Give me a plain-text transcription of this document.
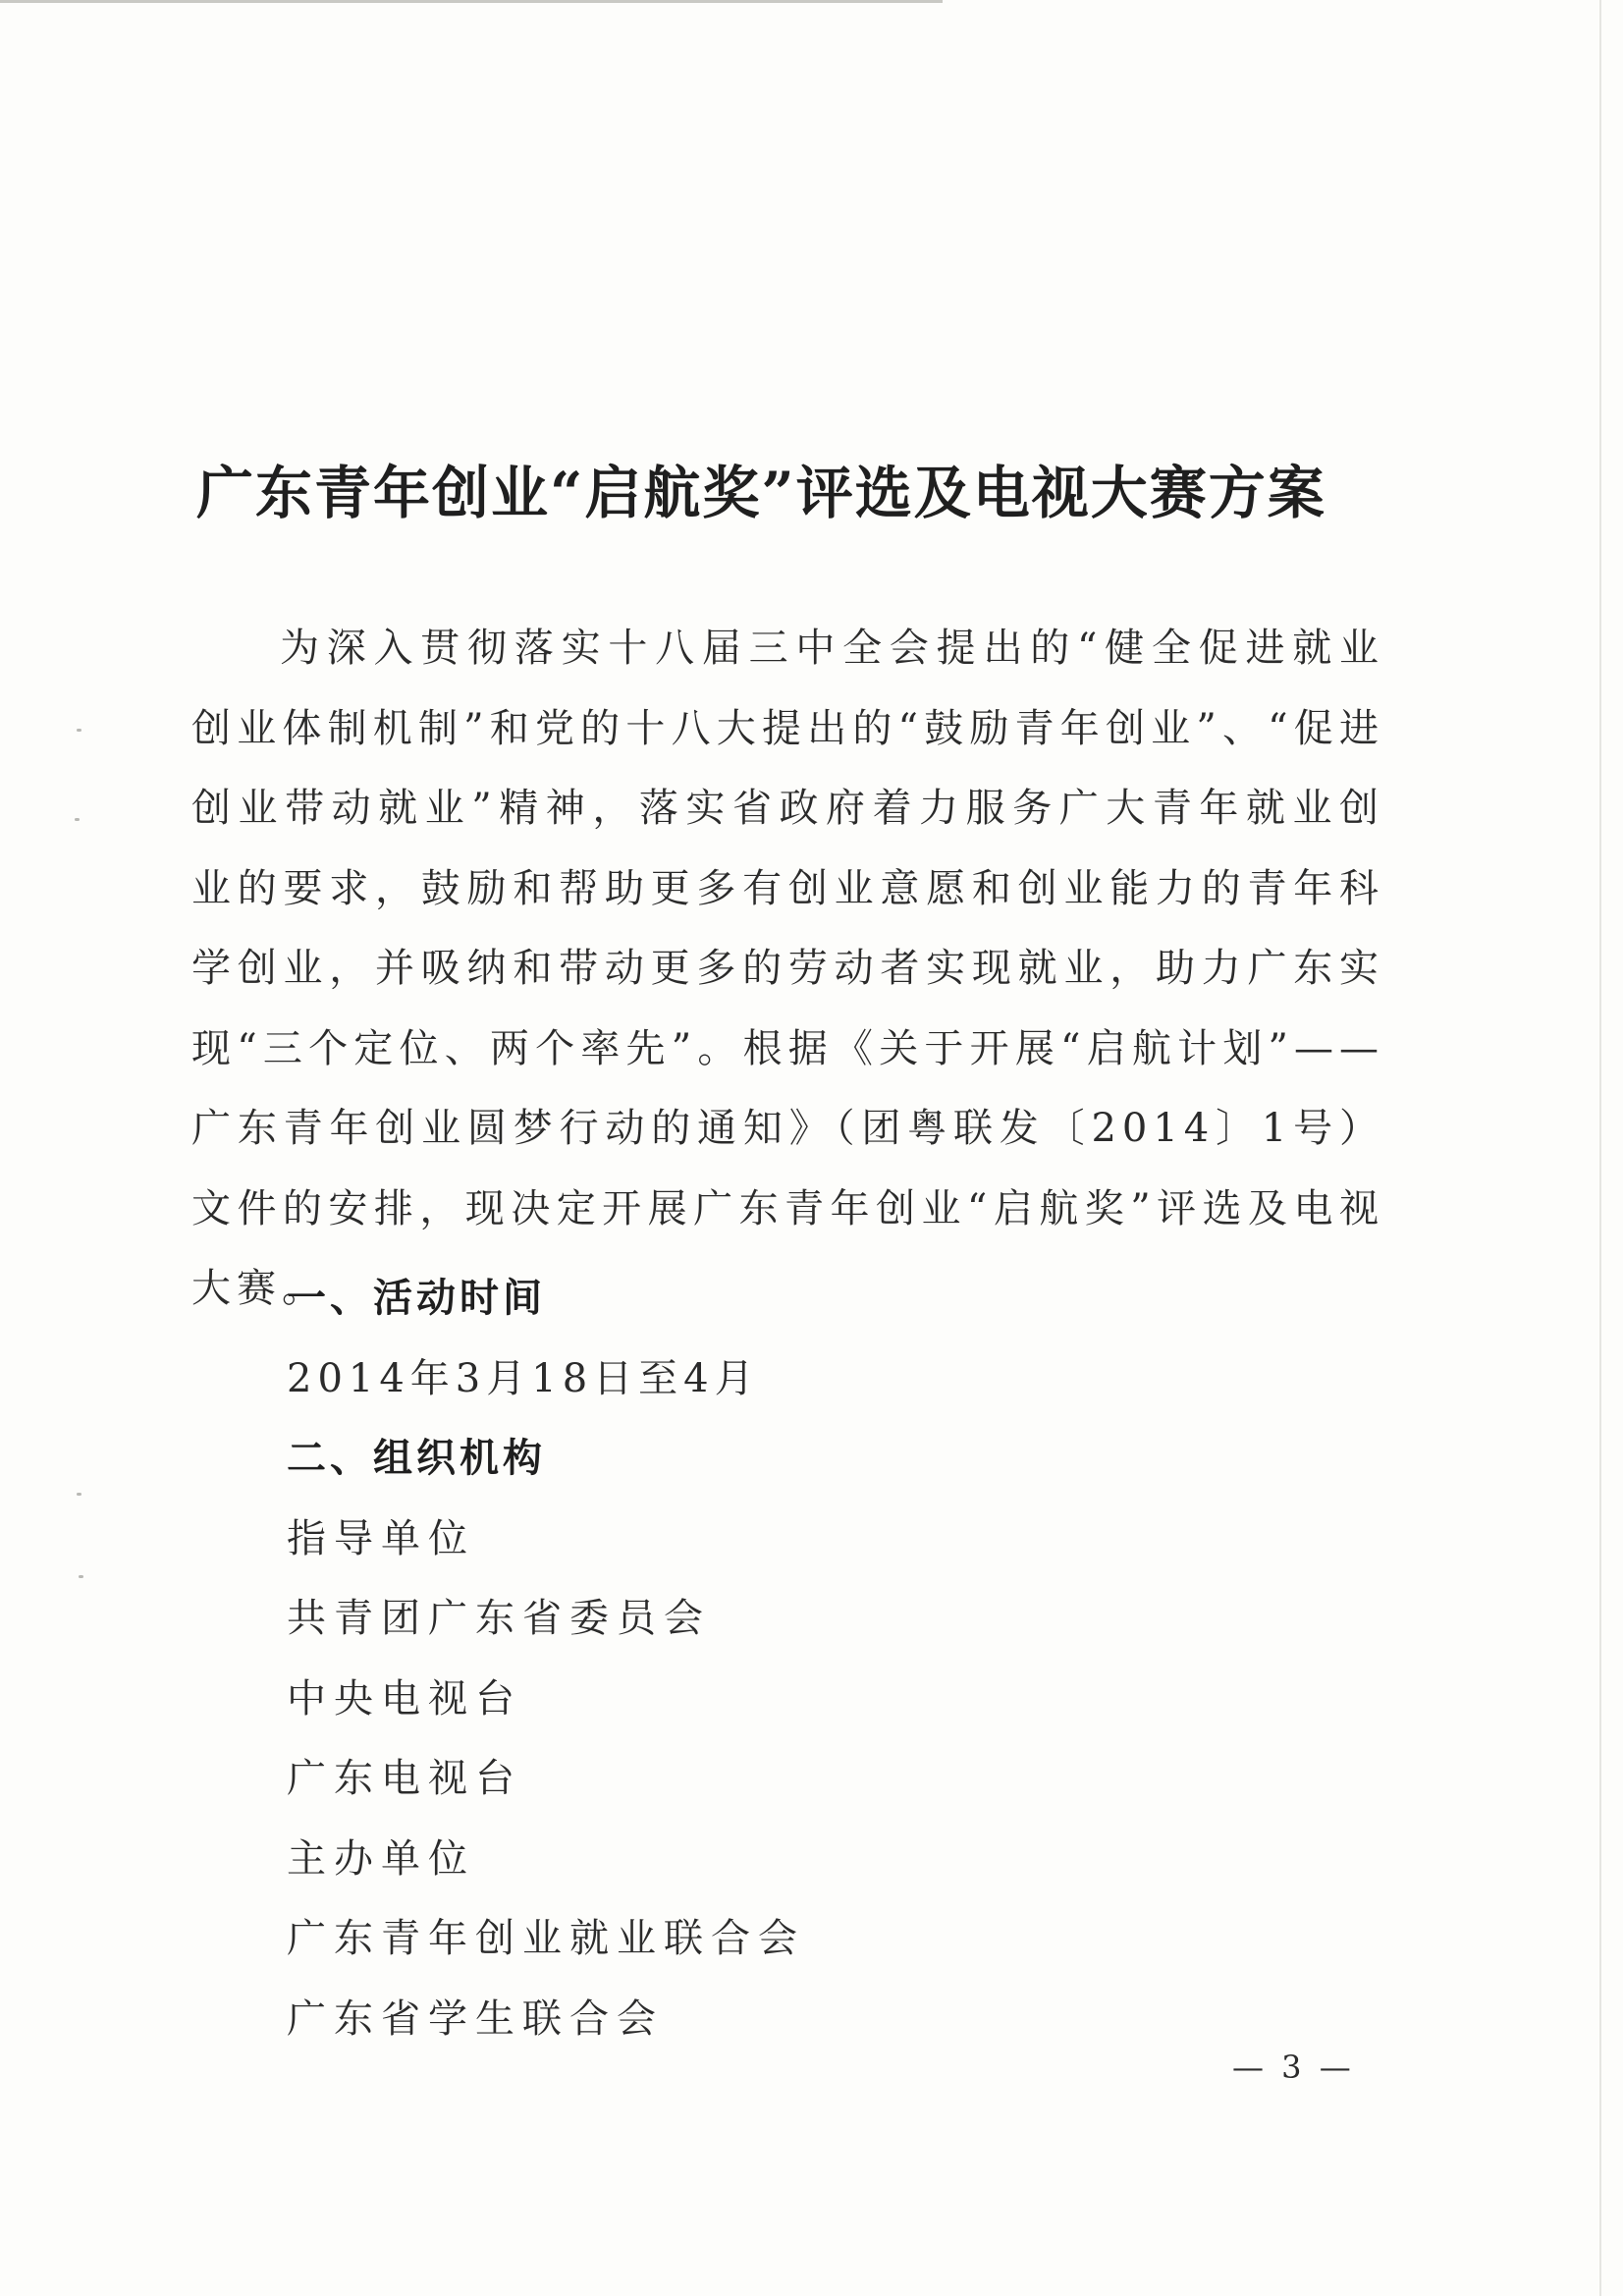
广东青年创业“启航奖”评选及电视大赛方案

为深入贯彻落实十八届三中全会提出的“健全促进就业创业体制机制”和党的十八大提出的“鼓励青年创业”、“促进创业带动就业”精神，落实省政府着力服务广大青年就业创业的要求，鼓励和帮助更多有创业意愿和创业能力的青年科学创业，并吸纳和带动更多的劳动者实现就业，助力广东实现“三个定位、两个率先”。根据《关于开展“启航计划”——广东青年创业圆梦行动的通知》（团粤联发〔2014〕1号）文件的安排，现决定开展广东青年创业“启航奖”评选及电视大赛。

一、活动时间
2014年3月18日至4月
二、组织机构
指导单位
共青团广东省委员会
中央电视台
广东电视台
主办单位
广东青年创业就业联合会
广东省学生联合会
— 3 —
